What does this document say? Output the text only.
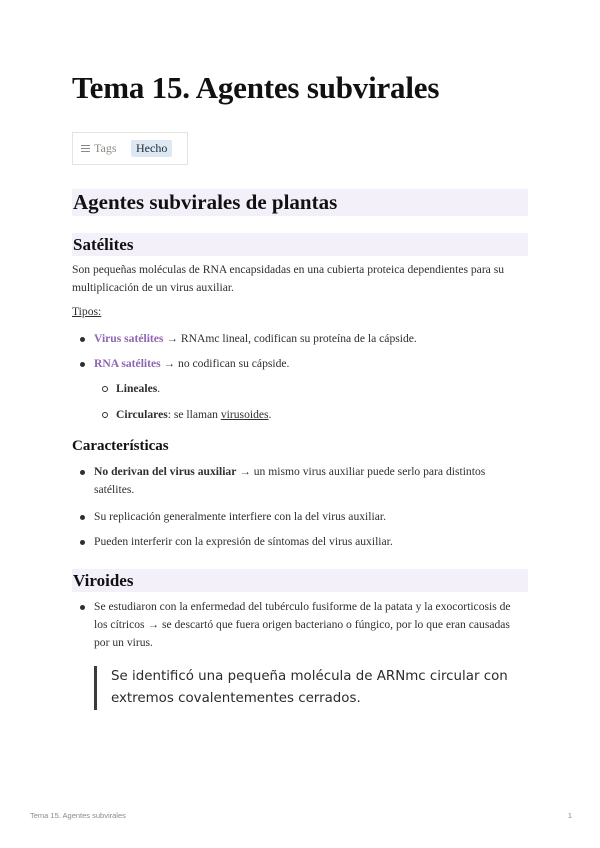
Tema 15. Agentes subvirales
Tags	Hecho
Agentes subvirales de plantas
Satélites
Son pequeñas moléculas de RNA encapsidadas en una cubierta proteica dependientes para su multiplicación de un virus auxiliar.
Tipos:
Virus satélites → RNAmc lineal, codifican su proteína de la cápside.
RNA satélites → no codifican su cápside.
Lineales.
Circulares: se llaman virusoides.
Características
No derivan del virus auxiliar → un mismo virus auxiliar puede serlo para distintos satélites.
Su replicación generalmente interfiere con la del virus auxiliar.
Pueden interferir con la expresión de síntomas del virus auxiliar.
Viroides
Se estudiaron con la enfermedad del tubérculo fusiforme de la patata y la exocorticosis de los cítricos → se descartó que fuera origen bacteriano o fúngico, por lo que eran causadas por un virus.
Se identificó una pequeña molécula de ARNmc circular con extremos covalentementes cerrados.
Tema 15. Agentes subvirales	1
